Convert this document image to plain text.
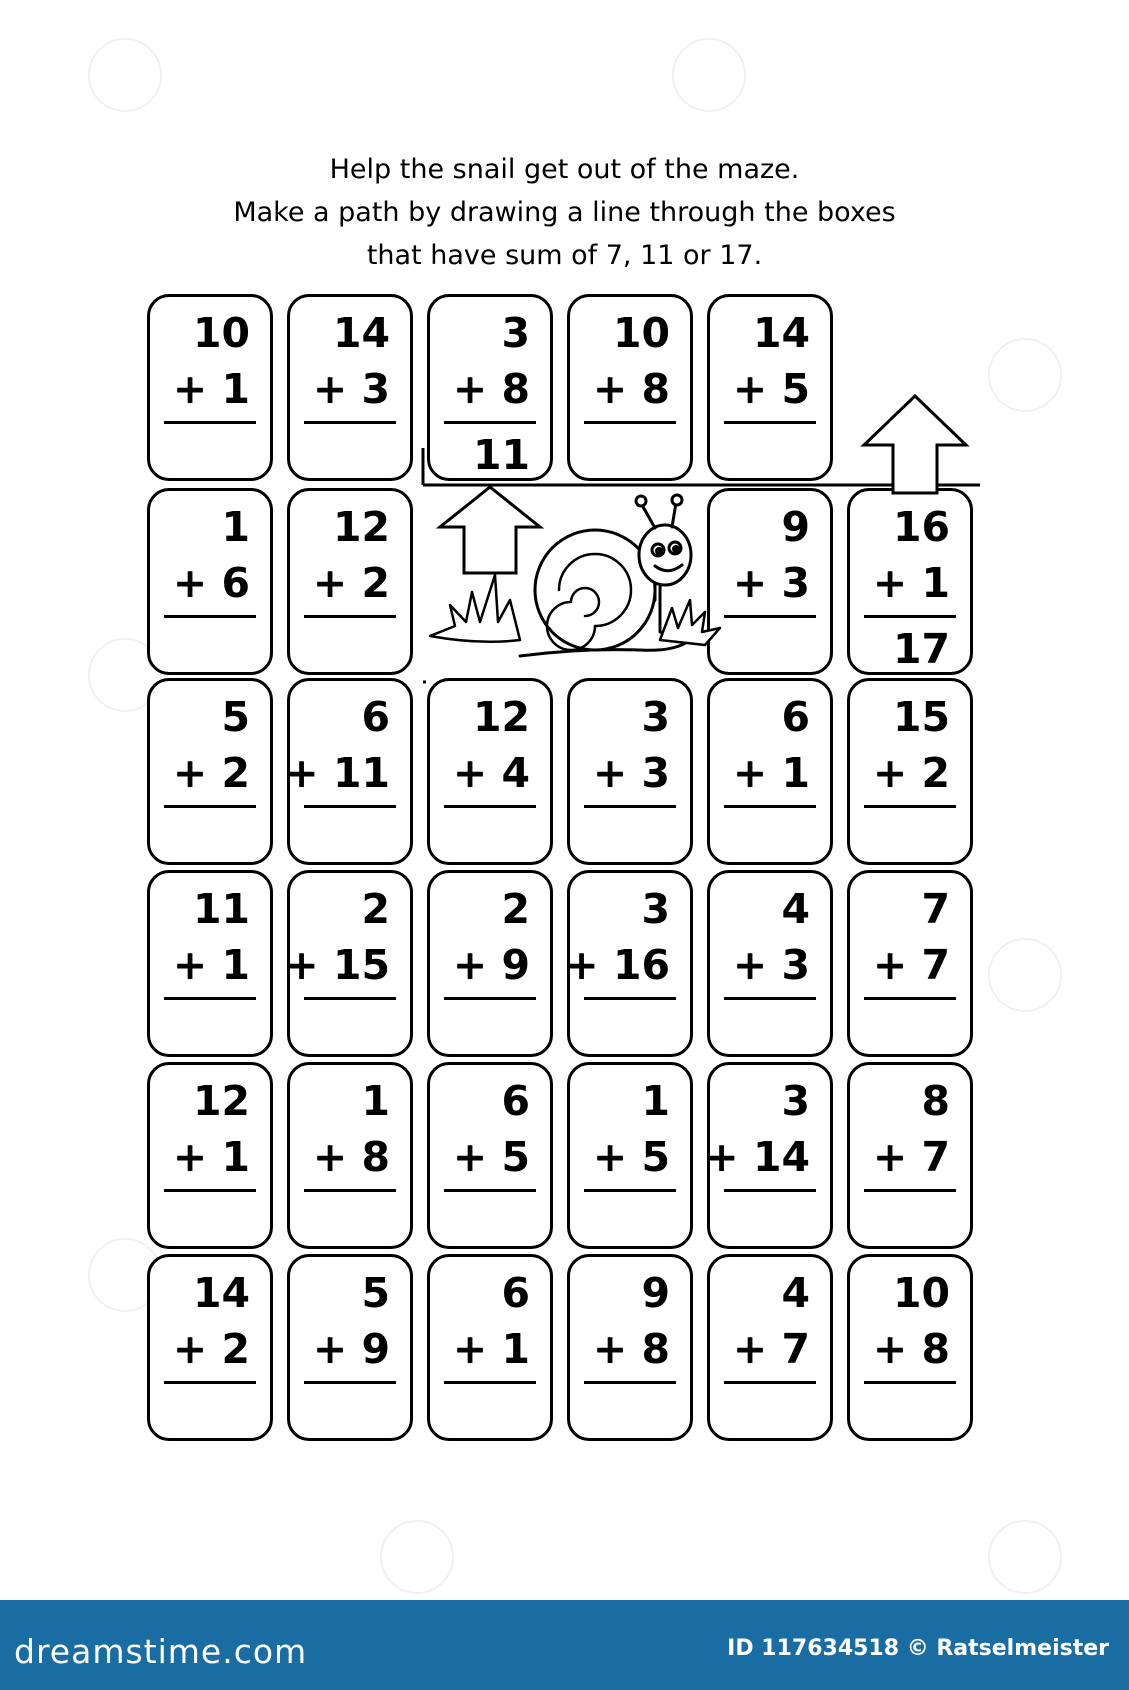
Help the snail get out of the maze.
Make a path by drawing a line through the boxes
that have sum of 7, 11 or 17.
10
+ 1
14
+ 3
3
+ 8
11
10
+ 8
14
+ 5
1
+ 6
12
+ 2
9
+ 3
16
+ 1
17
5
+ 2
6
+ 11
12
+ 4
3
+ 3
6
+ 1
15
+ 2
11
+ 1
2
+ 15
2
+ 9
3
+ 16
4
+ 3
7
+ 7
12
+ 1
1
+ 8
6
+ 5
1
+ 5
3
+ 14
8
+ 7
14
+ 2
5
+ 9
6
+ 1
9
+ 8
4
+ 7
10
+ 8
dreamstime.com	ID 117634518 © Ratselmeister
